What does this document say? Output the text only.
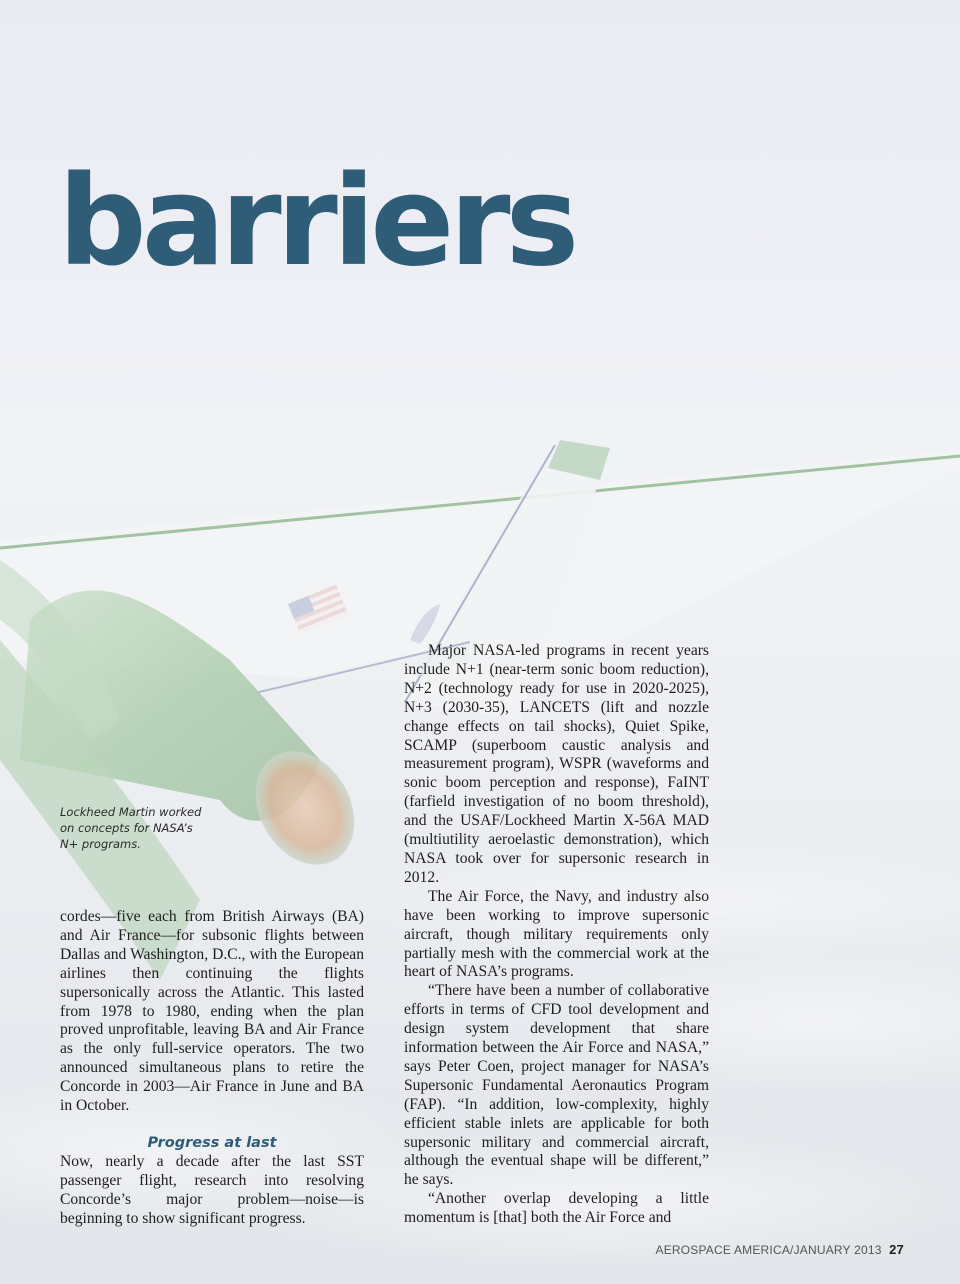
barriers
Lockheed Martin worked
on concepts for NASA’s
N+ programs.

cordes—five each from British Airways (BA) and Air France—for subsonic flights between Dallas and Washington, D.C., with the European airlines then continuing the flights supersonically across the Atlantic. This lasted from 1978 to 1980, ending when the plan proved unprofitable, leaving BA and Air France as the only full-service operators. The two announced simultaneous plans to retire the Concorde in 2003—Air France in June and BA in October.

Progress at last

Now, nearly a decade after the last SST passenger flight, research into resolving Concorde’s major problem—noise—is beginning to show significant progress.

Major NASA-led programs in recent years include N+1 (near-term sonic boom reduction), N+2 (technology ready for use in 2020-2025), N+3 (2030-35), LANCETS (lift and nozzle change effects on tail shocks), Quiet Spike, SCAMP (superboom caustic analysis and measurement program), WSPR (waveforms and sonic boom perception and response), FaINT (farfield investigation of no boom threshold), and the USAF/Lockheed Martin X-56A MAD (multiutility aeroelastic demonstration), which NASA took over for supersonic research in 2012.

The Air Force, the Navy, and industry also have been working to improve supersonic aircraft, though military requirements only partially mesh with the commercial work at the heart of NASA’s programs.

“There have been a number of collaborative efforts in terms of CFD tool development and design system development that share information between the Air Force and NASA,” says Peter Coen, project manager for NASA’s Supersonic Fundamental Aeronautics Program (FAP). “In addition, low-complexity, highly efficient stable inlets are applicable for both supersonic military and commercial aircraft, although the eventual shape will be different,” he says.

“Another overlap developing a little momentum is [that] both the Air Force and

AEROSPACE AMERICA/JANUARY 2013 27
